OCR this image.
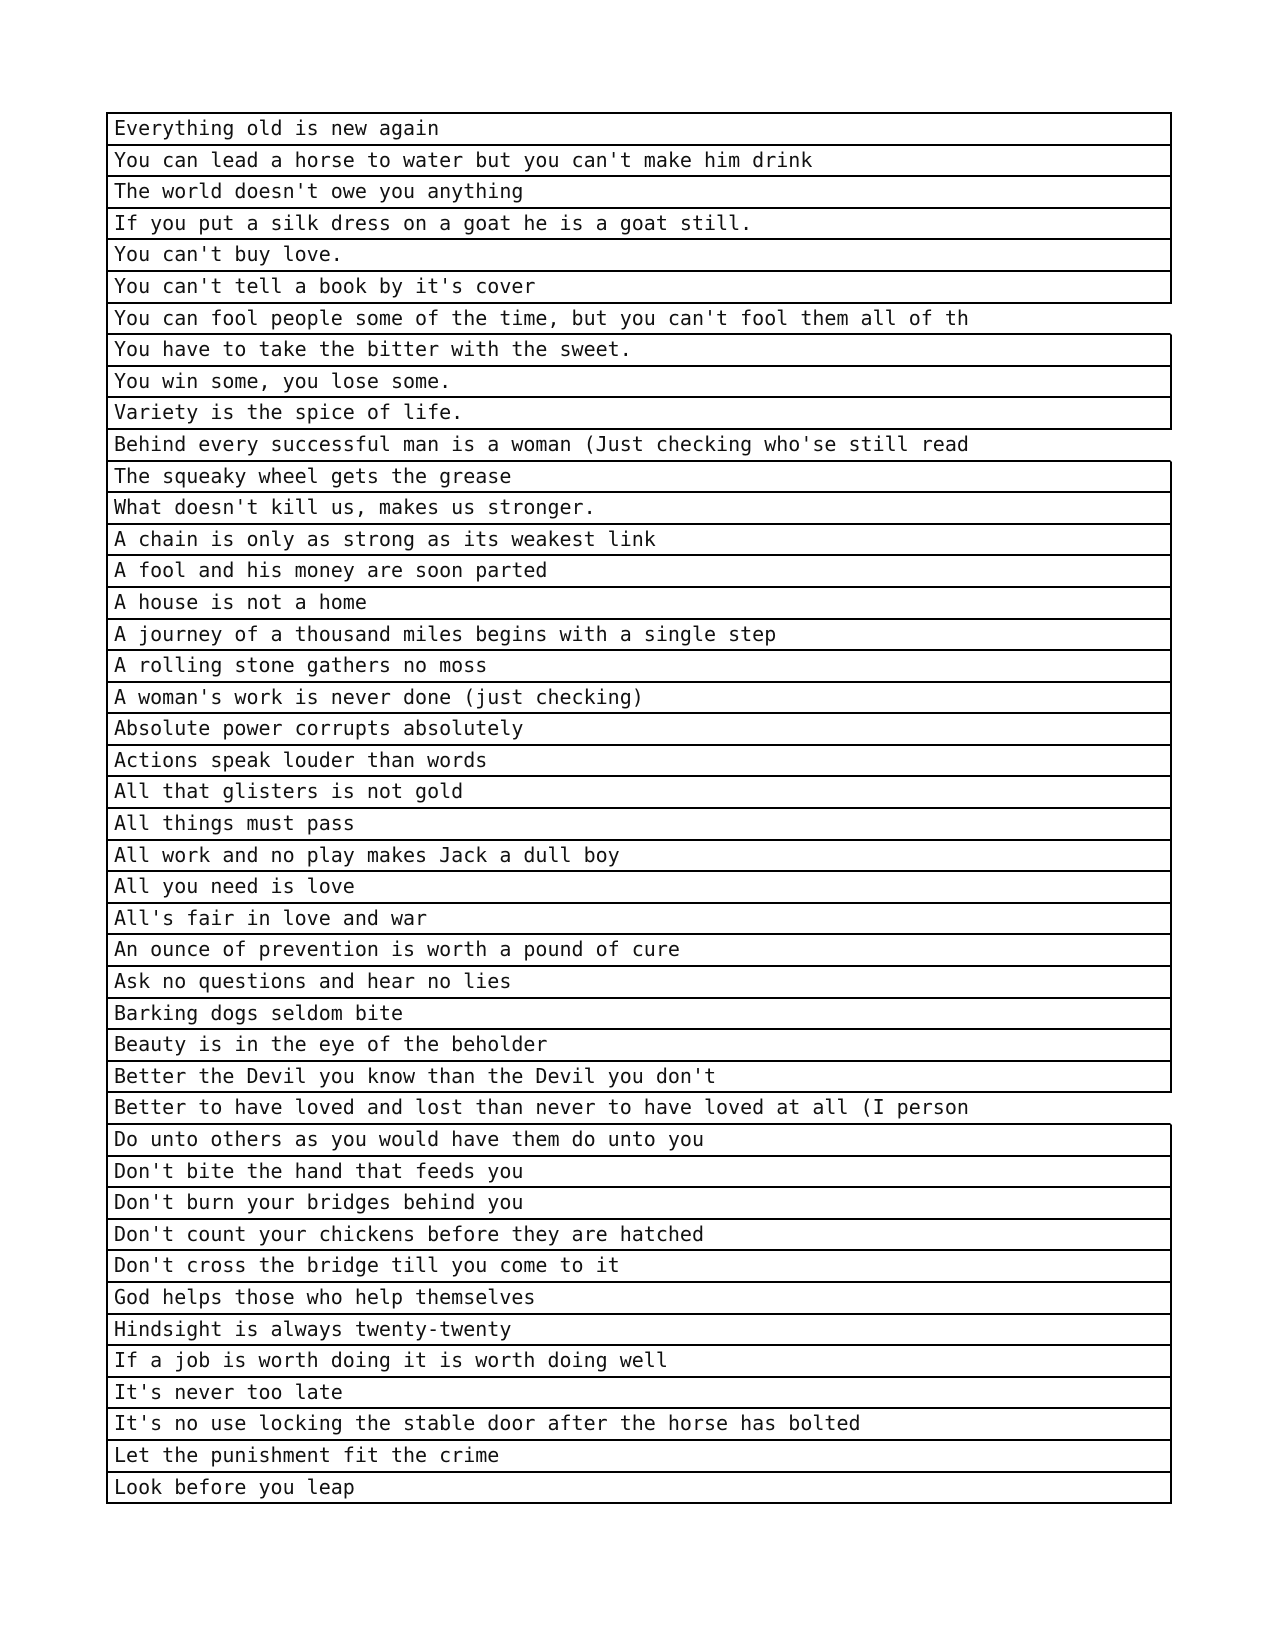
Everything old is new again
You can lead a horse to water but you can't make him drink
The world doesn't owe you anything
If you put a silk dress on a goat he is a goat still.
You can't buy love.
You can't tell a book by it's cover
You can fool people some of the time, but you can't fool them all of th
You have to take the bitter with the sweet.
You win some, you lose some.
Variety is the spice of life.
Behind every successful man is a woman (Just checking who'se still read
The squeaky wheel gets the grease
What doesn't kill us, makes us stronger.
A chain is only as strong as its weakest link
A fool and his money are soon parted
A house is not a home
A journey of a thousand miles begins with a single step
A rolling stone gathers no moss
A woman's work is never done (just checking)
Absolute power corrupts absolutely
Actions speak louder than words
All that glisters is not gold
All things must pass
All work and no play makes Jack a dull boy
All you need is love
All's fair in love and war
An ounce of prevention is worth a pound of cure
Ask no questions and hear no lies
Barking dogs seldom bite
Beauty is in the eye of the beholder
Better the Devil you know than the Devil you don't
Better to have loved and lost than never to have loved at all (I person
Do unto others as you would have them do unto you
Don't bite the hand that feeds you
Don't burn your bridges behind you
Don't count your chickens before they are hatched
Don't cross the bridge till you come to it
God helps those who help themselves
Hindsight is always twenty-twenty
If a job is worth doing it is worth doing well
It's never too late
It's no use locking the stable door after the horse has bolted
Let the punishment fit the crime
Look before you leap
